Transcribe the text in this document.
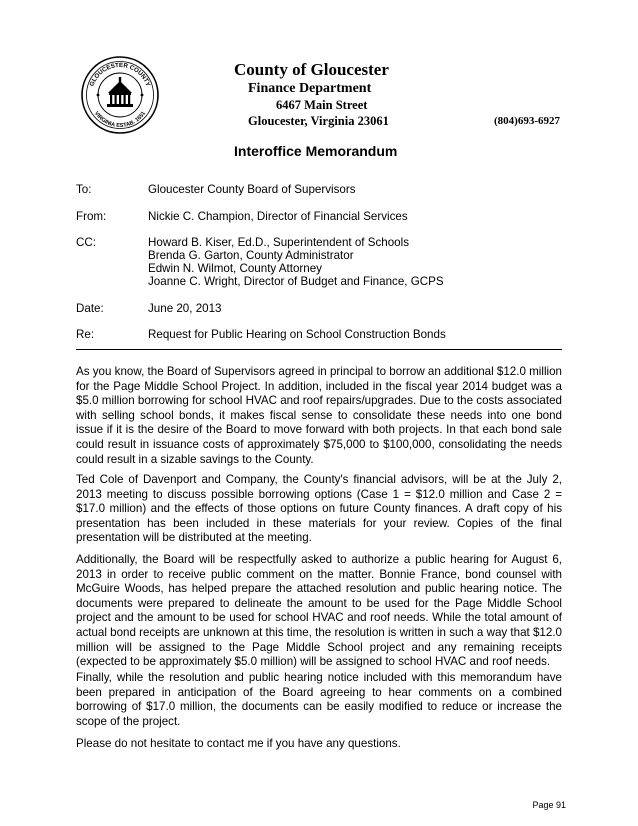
GLOUCESTER COUNTY
VIRGINIA ESTAB. 1651
County of Gloucester
Finance Department
6467 Main Street
Gloucester, Virginia 23061	(804)693-6927
Interoffice Memorandum
To:	Gloucester County Board of Supervisors
From:	Nickie C. Champion, Director of Financial Services
CC:	Howard B. Kiser, Ed.D., Superintendent of Schools
Brenda G. Garton, County Administrator
Edwin N. Wilmot, County Attorney
Joanne C. Wright, Director of Budget and Finance, GCPS
Date:	June 20, 2013
Re:	Request for Public Hearing on School Construction Bonds

As you know, the Board of Supervisors agreed in principal to borrow an additional $12.0 million for the Page Middle School Project. In addition, included in the fiscal year 2014 budget was a $5.0 million borrowing for school HVAC and roof repairs/upgrades. Due to the costs associated with selling school bonds, it makes fiscal sense to consolidate these needs into one bond issue if it is the desire of the Board to move forward with both projects. In that each bond sale could result in issuance costs of approximately $75,000 to $100,000, consolidating the needs could result in a sizable savings to the County.

Ted Cole of Davenport and Company, the County's financial advisors, will be at the July 2, 2013 meeting to discuss possible borrowing options (Case 1 = $12.0 million and Case 2 = $17.0 million) and the effects of those options on future County finances. A draft copy of his presentation has been included in these materials for your review. Copies of the final presentation will be distributed at the meeting.

Additionally, the Board will be respectfully asked to authorize a public hearing for August 6, 2013 in order to receive public comment on the matter. Bonnie France, bond counsel with McGuire Woods, has helped prepare the attached resolution and public hearing notice. The documents were prepared to delineate the amount to be used for the Page Middle School project and the amount to be used for school HVAC and roof needs. While the total amount of actual bond receipts are unknown at this time, the resolution is written in such a way that $12.0 million will be assigned to the Page Middle School project and any remaining receipts (expected to be approximately $5.0 million) will be assigned to school HVAC and roof needs.

Finally, while the resolution and public hearing notice included with this memorandum have been prepared in anticipation of the Board agreeing to hear comments on a combined borrowing of $17.0 million, the documents can be easily modified to reduce or increase the scope of the project.

Please do not hesitate to contact me if you have any questions.

Page 91
